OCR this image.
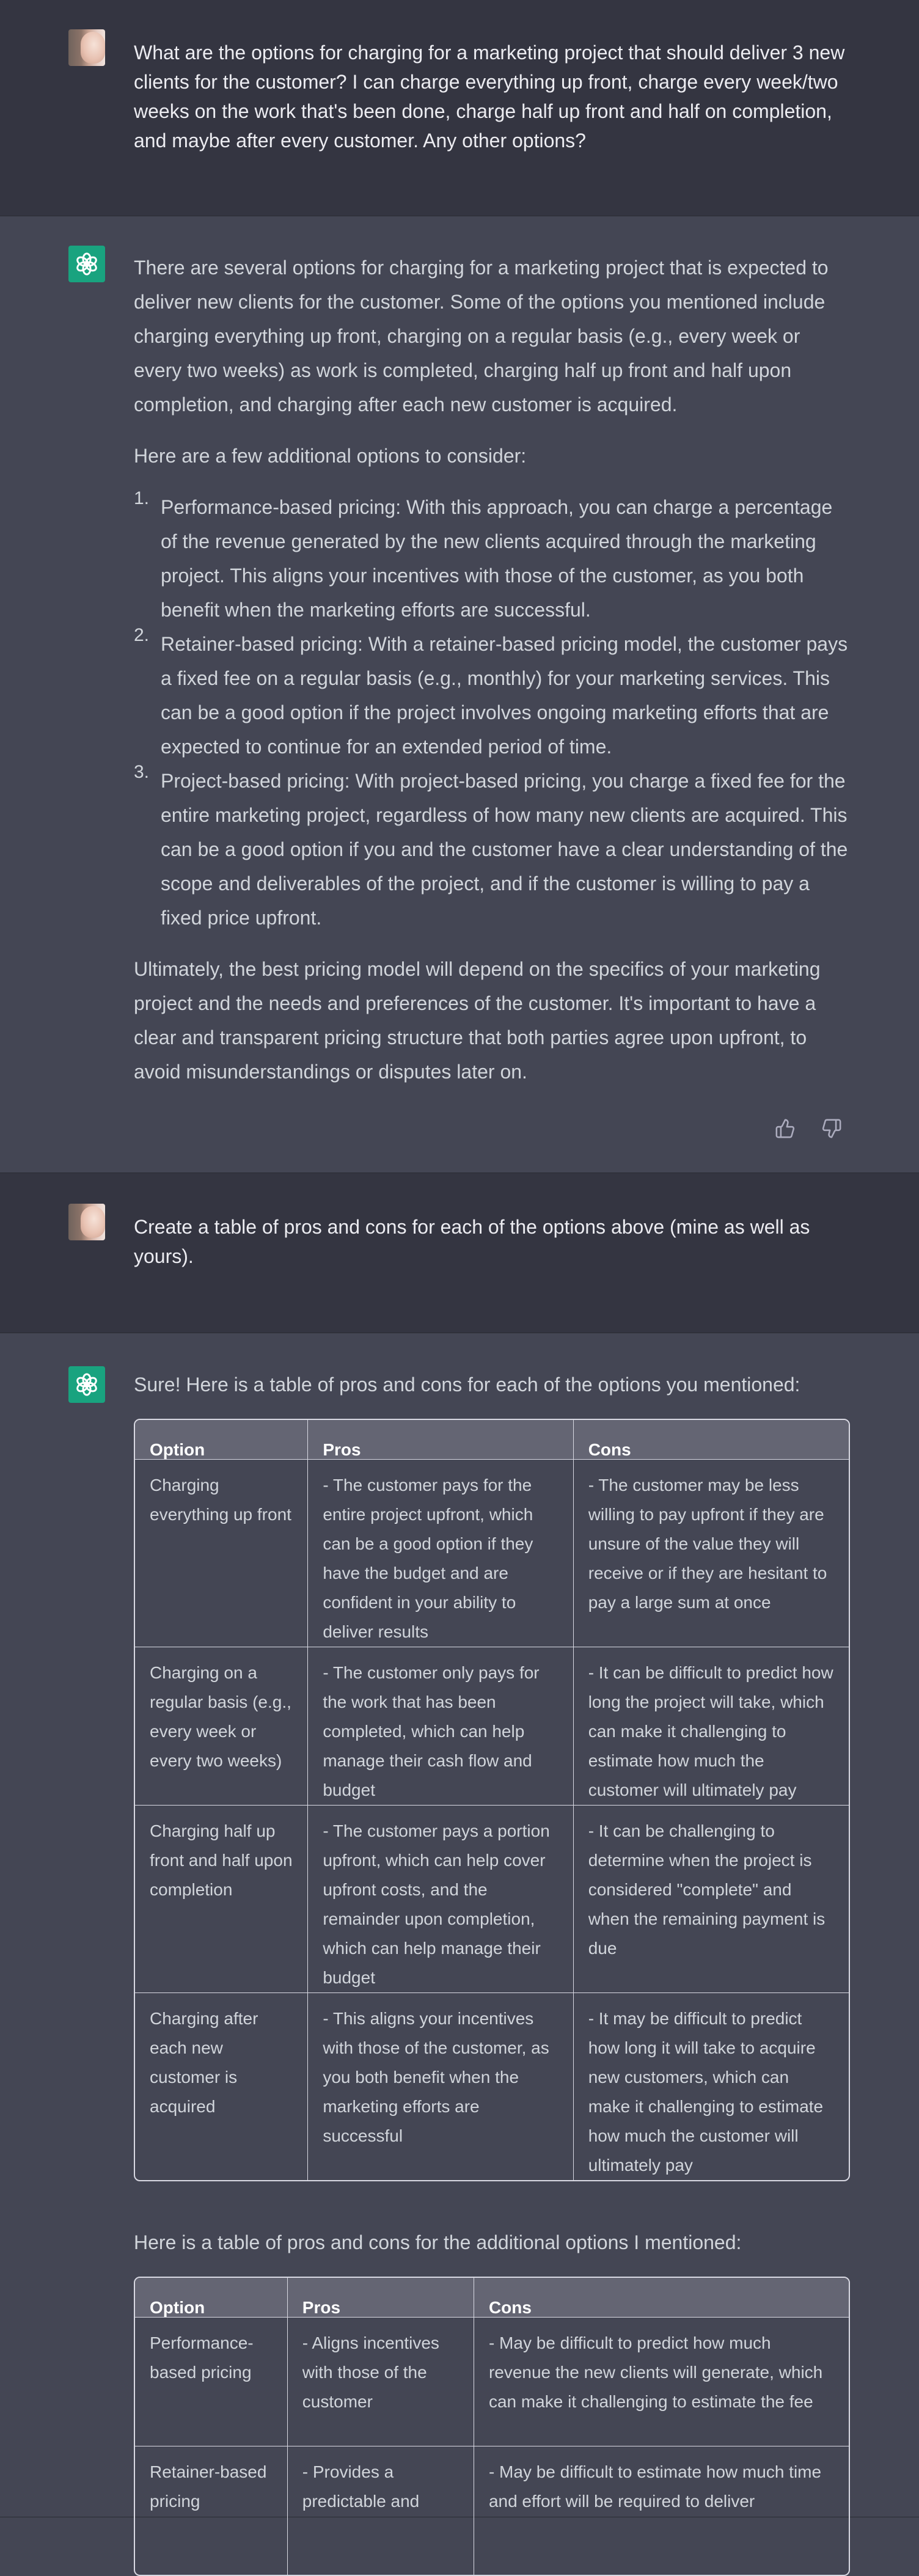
What are the options for charging for a marketing project that should deliver 3 new clients for the customer? I can charge everything up front, charge every week/two weeks on the work that's been done, charge half up front and half on completion, and maybe after every customer. Any other options?

There are several options for charging for a marketing project that is expected to deliver new clients for the customer. Some of the options you mentioned include charging everything up front, charging on a regular basis (e.g., every week or every two weeks) as work is completed, charging half up front and half upon completion, and charging after each new customer is acquired.

Here are a few additional options to consider:

1. Performance-based pricing: With this approach, you can charge a percentage of the revenue generated by the new clients acquired through the marketing project. This aligns your incentives with those of the customer, as you both benefit when the marketing efforts are successful.
2. Retainer-based pricing: With a retainer-based pricing model, the customer pays a fixed fee on a regular basis (e.g., monthly) for your marketing services. This can be a good option if the project involves ongoing marketing efforts that are expected to continue for an extended period of time.
3. Project-based pricing: With project-based pricing, you charge a fixed fee for the entire marketing project, regardless of how many new clients are acquired. This can be a good option if you and the customer have a clear understanding of the scope and deliverables of the project, and if the customer is willing to pay a fixed price upfront.

Ultimately, the best pricing model will depend on the specifics of your marketing project and the needs and preferences of the customer. It's important to have a clear and transparent pricing structure that both parties agree upon upfront, to avoid misunderstandings or disputes later on.

Create a table of pros and cons for each of the options above (mine as well as yours).

Sure! Here is a table of pros and cons for each of the options you mentioned:

Option	Pros	Cons

Charging everything up front	- The customer pays for the entire project upfront, which can be a good option if they have the budget and are confident in your ability to deliver results	- The customer may be less willing to pay upfront if they are unsure of the value they will receive or if they are hesitant to pay a large sum at once

Charging on a regular basis (e.g., every week or every two weeks)	- The customer only pays for the work that has been completed, which can help manage their cash flow and budget	- It can be difficult to predict how long the project will take, which can make it challenging to estimate how much the customer will ultimately pay

Charging half up front and half upon completion	- The customer pays a portion upfront, which can help cover upfront costs, and the remainder upon completion, which can help manage their budget	- It can be challenging to determine when the project is considered "complete" and when the remaining payment is due

Charging after each new customer is acquired	- This aligns your incentives with those of the customer, as you both benefit when the marketing efforts are successful	- It may be difficult to predict how long it will take to acquire new customers, which can make it challenging to estimate how much the customer will ultimately pay

Here is a table of pros and cons for the additional options I mentioned:

Option	Pros	Cons

Performance-based pricing	- Aligns incentives with those of the customer	- May be difficult to predict how much revenue the new clients will generate, which can make it challenging to estimate the fee

Retainer-based pricing	- Provides a predictable and	- May be difficult to estimate how much time and effort will be required to deliver
